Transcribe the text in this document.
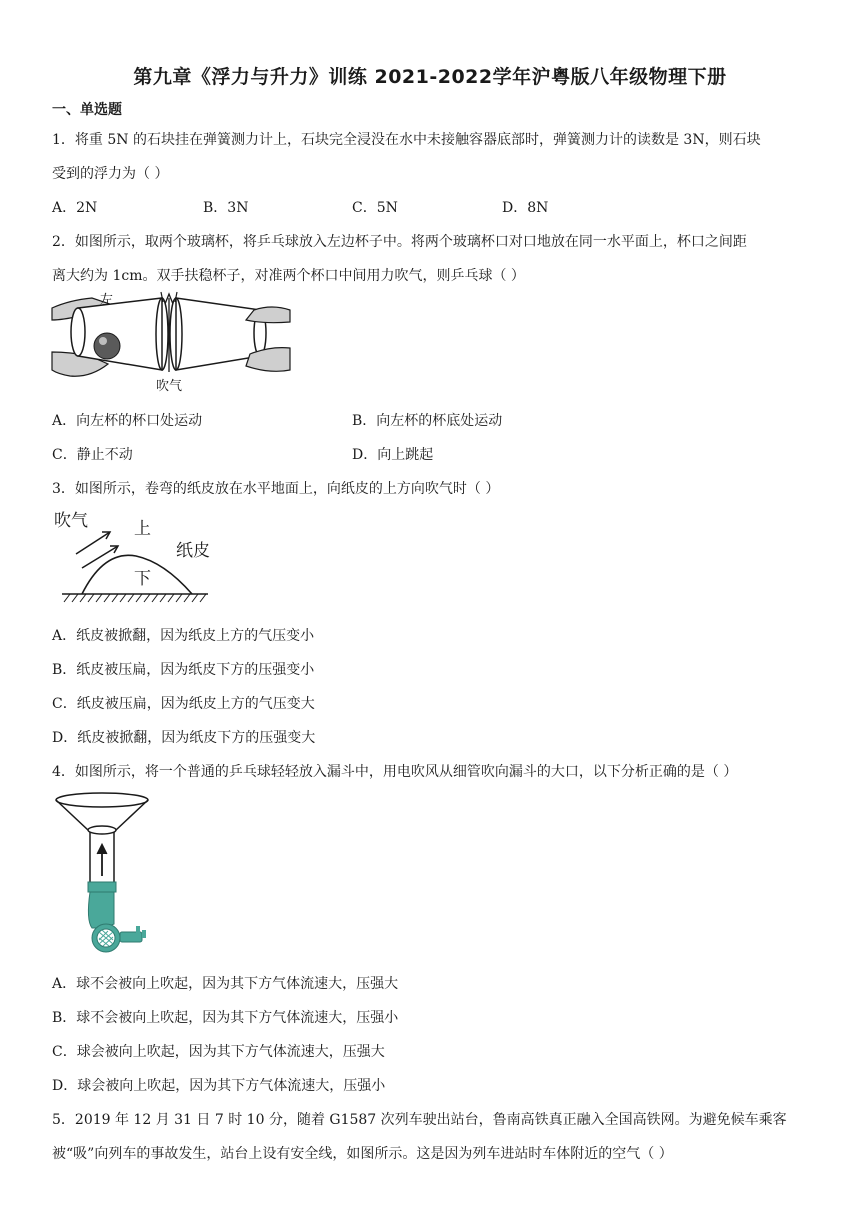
第九章《浮力与升力》训练 2021-2022学年沪粤版八年级物理下册
一、单选题
1．将重 5N 的石块挂在弹簧测力计上，石块完全浸没在水中未接触容器底部时，弹簧测力计的读数是 3N，则石块
受到的浮力为（ ）
A．2N	B．3N	C．5N	D．8N
2．如图所示，取两个玻璃杯，将乒乓球放入左边杯子中。将两个玻璃杯口对口地放在同一水平面上，杯口之间距
离大约为 1cm。双手扶稳杯子，对准两个杯口中间用力吹气，则乒乓球（ ）
左
吹气
A．向左杯的杯口处运动	B．向左杯的杯底处运动
C．静止不动	D．向上跳起
3．如图所示，卷弯的纸皮放在水平地面上，向纸皮的上方向吹气时（ ）
吹气	上
纸皮
下
A．纸皮被掀翻，因为纸皮上方的气压变小
B．纸皮被压扁，因为纸皮下方的压强变小
C．纸皮被压扁，因为纸皮上方的气压变大
D．纸皮被掀翻，因为纸皮下方的压强变大
4．如图所示，将一个普通的乒乓球轻轻放入漏斗中，用电吹风从细管吹向漏斗的大口，以下分析正确的是（ ）
A．球不会被向上吹起，因为其下方气体流速大，压强大
B．球不会被向上吹起，因为其下方气体流速大，压强小
C．球会被向上吹起，因为其下方气体流速大，压强大
D．球会被向上吹起，因为其下方气体流速大，压强小
5．2019 年 12 月 31 日 7 时 10 分，随着 G1587 次列车驶出站台，鲁南高铁真正融入全国高铁网。为避免候车乘客
被“吸”向列车的事故发生，站台上设有安全线，如图所示。这是因为列车进站时车体附近的空气（ ）
